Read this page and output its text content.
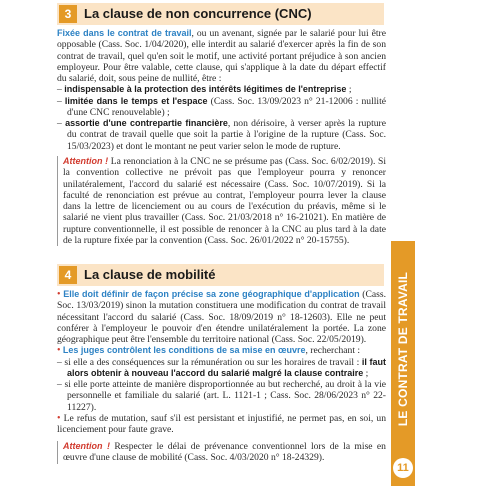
3 La clause de non concurrence (CNC)

Fixée dans le contrat de travail, ou un avenant, signée par le salarié pour lui être opposable (Cass. Soc. 1/04/2020), elle interdit au salarié d'exercer après la fin de son contrat de travail, quel qu'en soit le motif, une activité portant préjudice à son ancien employeur. Pour être valable, cette clause, qui s'applique à la date du départ effectif du salarié, doit, sous peine de nullité, être :

– indispensable à la protection des intérêts légitimes de l'entreprise ;

– limitée dans le temps et l'espace (Cass. Soc. 13/09/2023 n° 21-12006 : nullité d'une CNC renouvelable) ;

– assortie d'une contrepartie financière, non dérisoire, à verser après la rupture du contrat de travail quelle que soit la partie à l'origine de la rupture (Cass. Soc. 15/03/2023) et dont le montant ne peut varier selon le mode de rupture.

Attention ! La renonciation à la CNC ne se présume pas (Cass. Soc. 6/02/2019). Si la convention collective ne prévoit pas que l'employeur pourra y renoncer unilatéralement, l'accord du salarié est nécessaire (Cass. Soc. 10/07/2019). Si la faculté de renonciation est prévue au contrat, l'employeur pourra lever la clause dans la lettre de licenciement ou au cours de l'exécution du préavis, même si le salarié ne vient plus travailler (Cass. Soc. 21/03/2018 n° 16-21021). En matière de rupture conventionnelle, il est possible de renoncer à la CNC au plus tard à la date de la rupture fixée par la convention (Cass. Soc. 26/01/2022 n° 20-15755).

4 La clause de mobilité

• Elle doit définir de façon précise sa zone géographique d'application (Cass. Soc. 13/03/2019) sinon la mutation constituera une modification du contrat de travail nécessitant l'accord du salarié (Cass. Soc. 18/09/2019 n° 18-12603). Elle ne peut conférer à l'employeur le pouvoir d'en étendre unilatéralement la portée. La zone géographique peut être l'ensemble du territoire national (Cass. Soc. 22/05/2019).

• Les juges contrôlent les conditions de sa mise en œuvre, recherchant :

– si elle a des conséquences sur la rémunération ou sur les horaires de travail : il faut alors obtenir à nouveau l'accord du salarié malgré la clause contraire ;

– si elle porte atteinte de manière disproportionnée au but recherché, au droit à la vie personnelle et familiale du salarié (art. L. 1121-1 ; Cass. Soc. 28/06/2023 n° 22-11227).

• Le refus de mutation, sauf s'il est persistant et injustifié, ne permet pas, en soi, un licenciement pour faute grave.

Attention ! Respecter le délai de prévenance conventionnel lors de la mise en œuvre d'une clause de mobilité (Cass. Soc. 4/03/2020 n° 18-24329).

LE CONTRAT DE TRAVAIL
11
